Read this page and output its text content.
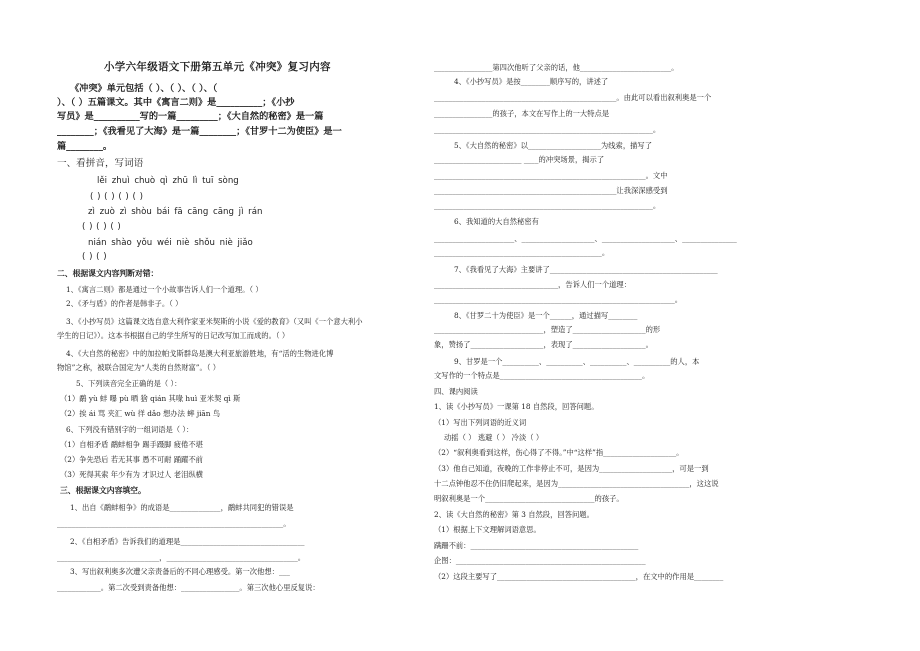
小学六年级语文下册第五单元《冲突》复习内容
《冲突》单元包括（ ）、（ ）、（ ）、（
）、（ ）五篇课文。其中《寓言二则》是__________；《小抄
写员》是__________写的一篇_________；《大自然的秘密》是一篇
________；《我看见了大海》是一篇________；《甘罗十二为使臣》是一
篇________。
一、看拼音，写词语
lěi zhuì chuò qì zhū lì tuī sòng
( ) ( ) ( ) ( )
zì zuò zì shòu bái fā cāng cāng jì rán
( ) ( ) ( )
nián shào yǒu wéi niè shǒu niè jiǎo
( ) ( )
二、根据课文内容判断对错：
1、《寓言二则》都是通过一个小故事告诉人们一个道理。（ ）
2、《矛与盾》的作者是韩非子。（ ）
3、《小抄写员》这篇课文选自意大利作家亚米契斯的小说《爱的教育》（又叫《一个意大利小
学生的日记》）。这本书根据自己的学生所写的日记改写加工而成的。（ ）
4、《大自然的秘密》中的加拉帕戈斯群岛是澳大利亚旅游胜地，有“活的生物进化博
物馆”之称，被联合国定为“人类的自然财富”。（ ）
5、下列读音完全正确的是（ ）：
（1）鹬 yù 蚌 曝 pù 晒 猞 qián 其喙 huì 亚米契 qì 斯
（2）挨 ái 骂 夹汇 wù 徉 dǎo 想办法 蟀 jiān 鸟
6、下列没有错别字的一组词语是（ ）：
（1）自相矛盾 鹬蚌相争 踢手蹑脚 疲倦不堪
（2）争先恐后 若无其事 愚不可耐 踊躍不前
（3）死得其索 年少有为 才识过人 老泪纵横
三、根据课文内容填空。
1、出自《鹬蚌相争》的成语是______________，鹬蚌共同犯的错误是
______________________________________________________________。
2、《自相矛盾》告诉我们的道理是__________________________________
____________________________，____________________________________。
3、写出叙利奥多次遭父亲责备后的不同心理感受。第一次他想：___
____________。第二次受到责备他想：________________。第三次他心里反复说：
________________第四次他听了父亲的话，他_________________________。
4、《小抄写员》是按________顺序写的，讲述了
__________________________________________________。由此可以看出叙利奥是一个
________________的孩子，本文在写作上的一大特点是
____________________________________________________________。
5、《大自然的秘密》以____________________为线索，描写了
________________________ ____的冲突场景，揭示了
__________________________________________________________。文中
__________________________________________________让我深深感受到
____________________________________________________________。
6、我知道的大自然秘密有
______________________、____________________、____________________、_______________
______________________________________________。
7、《我看见了大海》主要讲了______________________________________________
__________________________________，告诉人们一个道理：
__________________________________________________________________。
8、《甘罗二十为使臣》是一个______，通过描写________
______________________________，塑造了____________________的形
象，赞扬了____________________，表现了____________________。
9、甘罗是一个__________、__________、__________、__________的人，本
文写作的一个特点是_______________________________________。
四、课内阅读
1、读《小抄写员》一课第 18 自然段，回答问题。
（1）写出下列词语的近义词
动摇（ ） 逃避（ ） 冷淡（ ）
（2）“叙利奥看到这样，伤心得了不得。”中“这样”指____________________。
（3）他自己知道，夜晚的工作非停止不可，是因为____________________，可是一到
十二点钟他忍不住仍旧爬起来，是因为____________________________________，这这说
明叙利奥是一个______________________________的孩子。
2、读《大自然的秘密》第 3 自然段，回答问题。
（1）根据上下文理解词语意思。
蹒跚不前：______________________________________________
企图：____________________________________________________
（2）这段主要写了______________________________________，在文中的作用是________
